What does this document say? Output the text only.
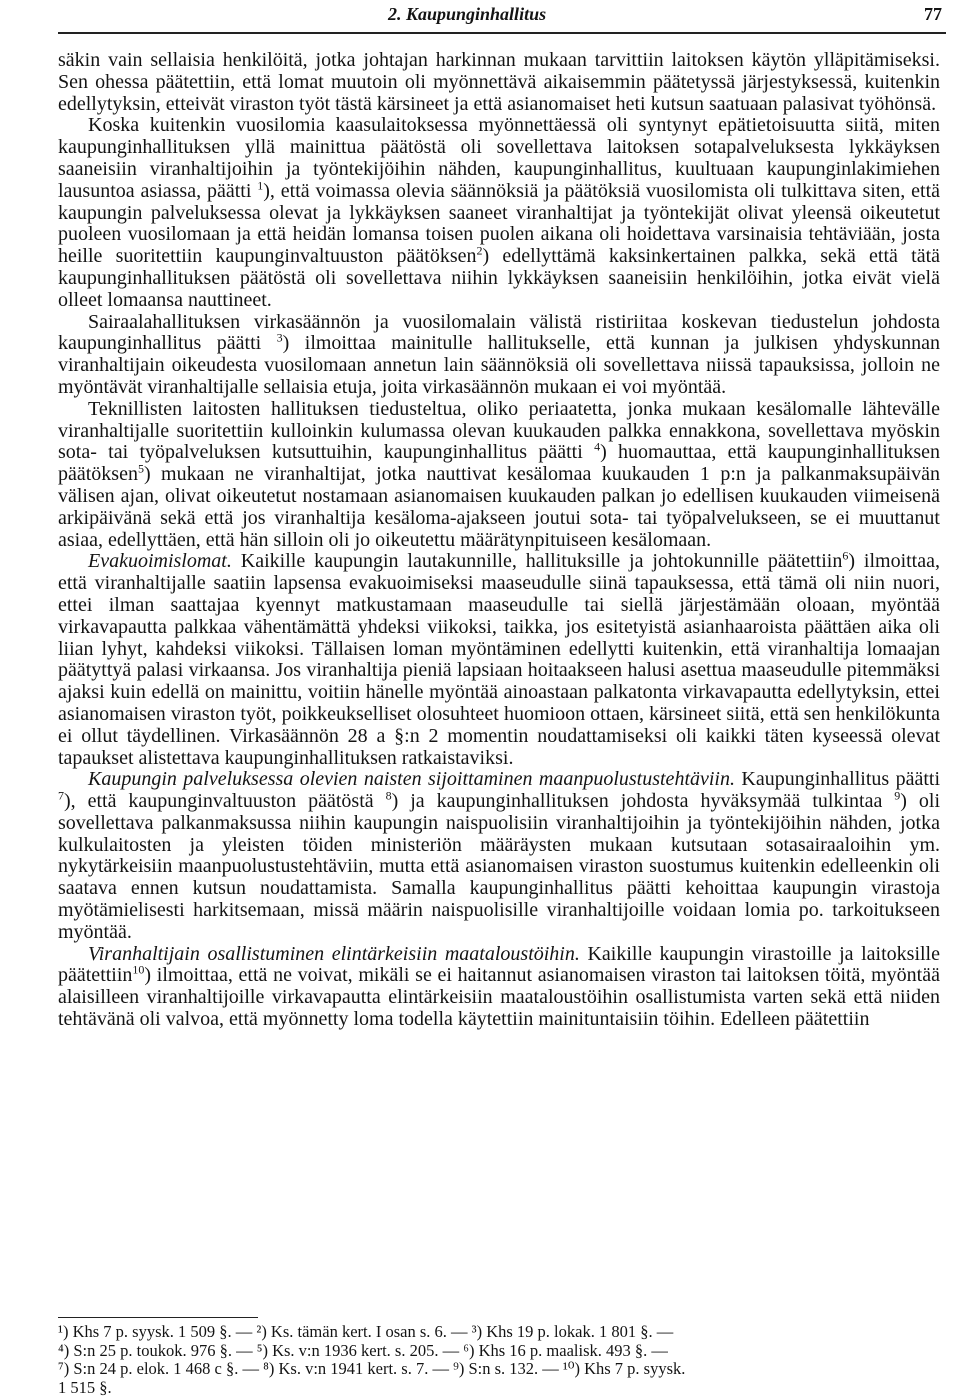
2. Kaupunginhallitus	77

säkin vain sellaisia henkilöitä, jotka johtajan harkinnan mukaan tarvittiin laitoksen käytön ylläpitämiseksi. Sen ohessa päätettiin, että lomat muutoin oli myönnettävä aikaisemmin päätetyssä järjestyksessä, kuitenkin edellytyksin, etteivät viraston työt tästä kärsineet ja että asianomaiset heti kutsun saatuaan palasivat työhönsä.

Koska kuitenkin vuosilomia kaasulaitoksessa myönnettäessä oli syntynyt epätietoisuutta siitä, miten kaupunginhallituksen yllä mainittua päätöstä oli sovellettava laitoksen sotapalveluksesta lykkäyksen saaneisiin viranhaltijoihin ja työntekijöihin nähden, kaupunginhallitus, kuultuaan kaupunginlakimiehen lausuntoa asiassa, päätti $^1$), että voimassa olevia säännöksiä ja päätöksiä vuosilomista oli tulkittava siten, että kaupungin palveluksessa olevat ja lykkäyksen saaneet viranhaltijat ja työntekijät olivat yleensä oikeutetut puoleen vuosilomaan ja että heidän lomansa toisen puolen aikana oli hoidettava varsinaisia tehtäviään, josta heille suoritettiin kaupunginvaltuuston päätöksen$^2$) edellyttämä kaksinkertainen palkka, sekä että tätä kaupunginhallituksen päätöstä oli sovellettava niihin lykkäyksen saaneisiin henkilöihin, jotka eivät vielä olleet lomaansa nauttineet.

Sairaalahallituksen virkasäännön ja vuosilomalain välistä ristiriitaa koskevan tiedustelun johdosta kaupunginhallitus päätti $^3$) ilmoittaa mainitulle hallitukselle, että kunnan ja julkisen yhdyskunnan viranhaltijain oikeudesta vuosilomaan annetun lain säännöksiä oli sovellettava niissä tapauksissa, jolloin ne myöntävät viranhaltijalle sellaisia etuja, joita virkasäännön mukaan ei voi myöntää.

Teknillisten laitosten hallituksen tiedusteltua, oliko periaatetta, jonka mukaan kesälomalle lähtevälle viranhaltijalle suoritettiin kulloinkin kulumassa olevan kuukauden palkka ennakkona, sovellettava myöskin sota- tai työpalveluksen kutsuttuihin, kaupunginhallitus päätti $^4$) huomauttaa, että kaupunginhallituksen päätöksen$^5$) mukaan ne viranhaltijat, jotka nauttivat kesälomaa kuukauden 1 p:n ja palkanmaksupäivän välisen ajan, olivat oikeutetut nostamaan asianomaisen kuukauden palkan jo edellisen kuukauden viimeisenä arkipäivänä sekä että jos viranhaltija kesäloma-ajakseen joutui sota- tai työpalvelukseen, se ei muuttanut asiaa, edellyttäen, että hän silloin oli jo oikeutettu määrätynpituiseen kesälomaan.

Evakuoimislomat. Kaikille kaupungin lautakunnille, hallituksille ja johtokunnille päätettiin$^6$) ilmoittaa, että viranhaltijalle saatiin lapsensa evakuoimiseksi maaseudulle siinä tapauksessa, että tämä oli niin nuori, ettei ilman saattajaa kyennyt matkustamaan maaseudulle tai siellä järjestämään oloaan, myöntää virkavapautta palkkaa vähentämättä yhdeksi viikoksi, taikka, jos esitetyistä asianhaaroista päättäen aika oli liian lyhyt, kahdeksi viikoksi. Tällaisen loman myöntäminen edellytti kuitenkin, että viranhaltija lomaajan päätyttyä palasi virkaansa. Jos viranhaltija pieniä lapsiaan hoitaakseen halusi asettua maaseudulle pitemmäksi ajaksi kuin edellä on mainittu, voitiin hänelle myöntää ainoastaan palkatonta virkavapautta edellytyksin, ettei asianomaisen viraston työt, poikkeukselliset olosuhteet huomioon ottaen, kärsineet siitä, että sen henkilökunta ei ollut täydellinen. Virkasäännön 28 a §:n 2 momentin noudattamiseksi oli kaikki täten kyseessä olevat tapaukset alistettava kaupunginhallituksen ratkaistaviksi.

Kaupungin palveluksessa olevien naisten sijoittaminen maanpuolustustehtäviin. Kaupunginhallitus päätti $^7$), että kaupunginvaltuuston päätöstä $^8$) ja kaupunginhallituksen johdosta hyväksymää tulkintaa $^9$) oli sovellettava palkanmaksussa niihin kaupungin naispuolisiin viranhaltijoihin ja työntekijöihin nähden, jotka kulkulaitosten ja yleisten töiden ministeriön määräysten mukaan kutsutaan sotasairaaloihin ym. nykytärkeisiin maanpuolustustehtäviin, mutta että asianomaisen viraston suostumus kuitenkin edelleenkin oli saatava ennen kutsun noudattamista. Samalla kaupunginhallitus päätti kehoittaa kaupungin virastoja myötämielisesti harkitsemaan, missä määrin naispuolisille viranhaltijoille voidaan lomia po. tarkoitukseen myöntää.

Viranhaltijain osallistuminen elintärkeisiin maataloustöihin. Kaikille kaupungin virastoille ja laitoksille päätettiin$^{10}$) ilmoittaa, että ne voivat, mikäli se ei haitannut asianomaisen viraston tai laitoksen töitä, myöntää alaisilleen viranhaltijoille virkavapautta elintärkeisiin maataloustöihin osallistumista varten sekä että niiden tehtävänä oli valvoa, että myönnetty loma todella käytettiin mainituntaisiin töihin. Edelleen päätettiin

¹) Khs 7 p. syysk. 1 509 §. — ²) Ks. tämän kert. I osan s. 6. — ³) Khs 19 p. lokak. 1 801 §. —
⁴) S:n 25 p. toukok. 976 §. — ⁵) Ks. v:n 1936 kert. s. 205. — ⁶) Khs 16 p. maalisk. 493 §. —
⁷) S:n 24 p. elok. 1 468 c §. — ⁸) Ks. v:n 1941 kert. s. 7. — ⁹) S:n s. 132. — ¹⁰) Khs 7 p. syysk.
1 515 §.
